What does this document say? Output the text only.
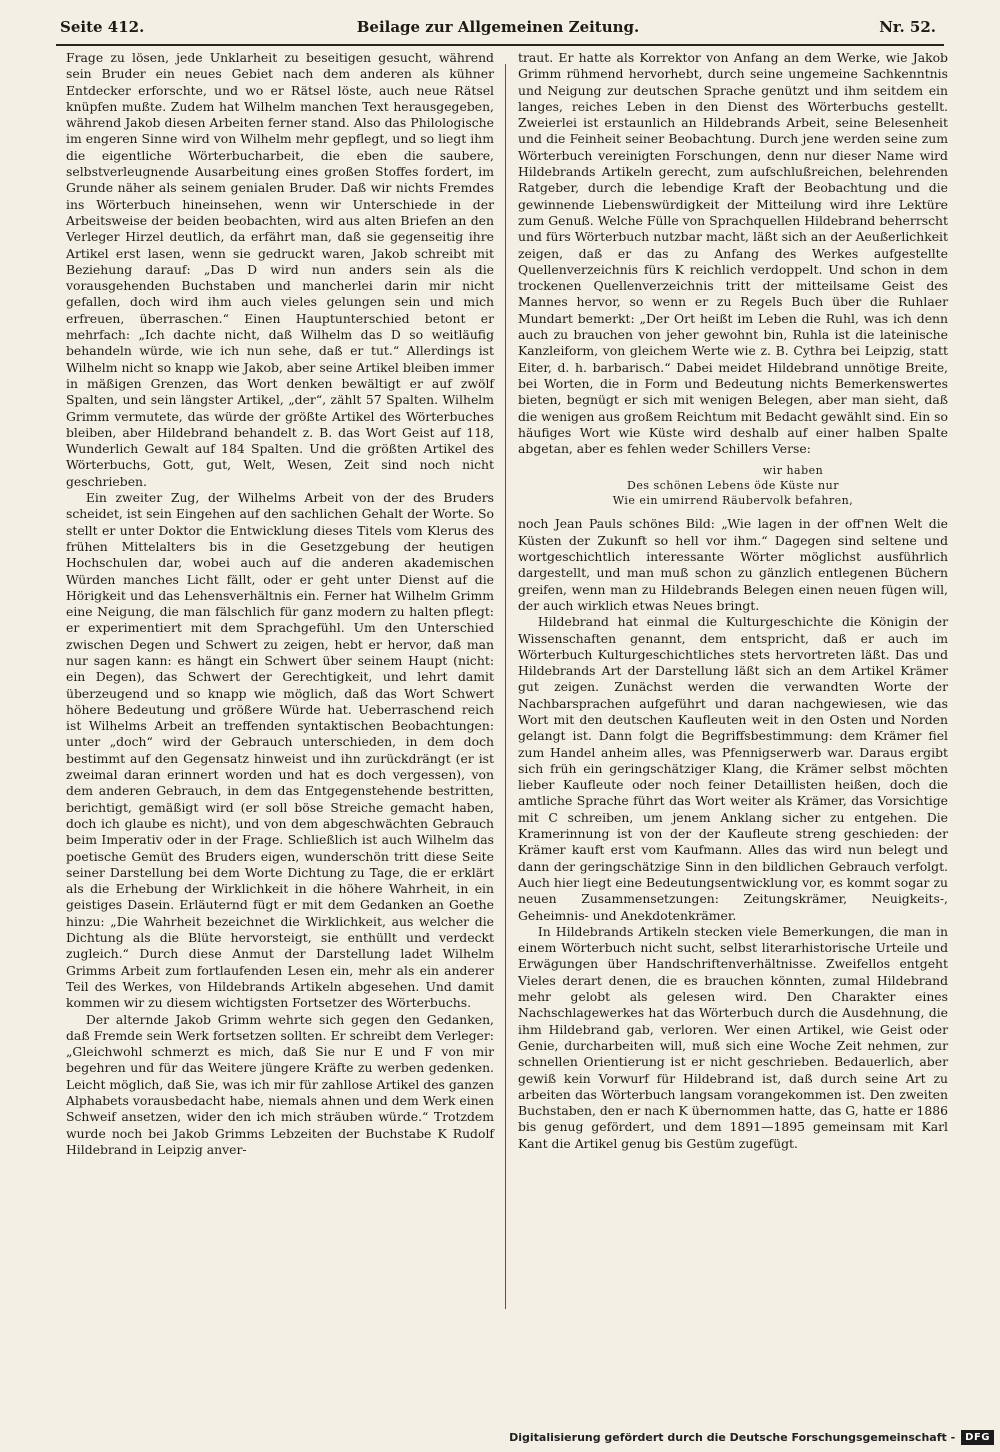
Seite 412.	Beilage zur Allgemeinen Zeitung.	Nr. 52.

Frage zu lösen, jede Unklarheit zu beseitigen gesucht, während sein Bruder ein neues Gebiet nach dem anderen als kühner Entdecker erforschte, und wo er Rätsel löste, auch neue Rätsel knüpfen mußte. Zudem hat Wilhelm manchen Text herausgegeben, während Jakob diesen Arbeiten ferner stand. Also das Philologische im engeren Sinne wird von Wilhelm mehr gepflegt, und so liegt ihm die eigentliche Wörterbucharbeit, die eben die saubere, selbstverleugnende Ausarbeitung eines großen Stoffes fordert, im Grunde näher als seinem genialen Bruder. Daß wir nichts Fremdes ins Wörterbuch hineinsehen, wenn wir Unterschiede in der Arbeitsweise der beiden beobachten, wird aus alten Briefen an den Verleger Hirzel deutlich, da erfährt man, daß sie gegenseitig ihre Artikel erst lasen, wenn sie gedruckt waren, Jakob schreibt mit Beziehung darauf: „Das D wird nun anders sein als die vorausgehenden Buchstaben und mancherlei darin mir nicht gefallen, doch wird ihm auch vieles gelungen sein und mich erfreuen, überraschen.“ Einen Hauptunterschied betont er mehrfach: „Ich dachte nicht, daß Wilhelm das D so weitläufig behandeln würde, wie ich nun sehe, daß er tut.“ Allerdings ist Wilhelm nicht so knapp wie Jakob, aber seine Artikel bleiben immer in mäßigen Grenzen, das Wort denken bewältigt er auf zwölf Spalten, und sein längster Artikel, „der“, zählt 57 Spalten. Wilhelm Grimm vermutete, das würde der größte Artikel des Wörterbuches bleiben, aber Hildebrand behandelt z. B. das Wort Geist auf 118, Wunderlich Gewalt auf 184 Spalten. Und die größten Artikel des Wörterbuchs, Gott, gut, Welt, Wesen, Zeit sind noch nicht geschrieben.

Ein zweiter Zug, der Wilhelms Arbeit von der des Bruders scheidet, ist sein Eingehen auf den sachlichen Gehalt der Worte. So stellt er unter Doktor die Entwicklung dieses Titels vom Klerus des frühen Mittelalters bis in die Gesetzgebung der heutigen Hochschulen dar, wobei auch auf die anderen akademischen Würden manches Licht fällt, oder er geht unter Dienst auf die Hörigkeit und das Lehensverhältnis ein. Ferner hat Wilhelm Grimm eine Neigung, die man fälschlich für ganz modern zu halten pflegt: er experimentiert mit dem Sprachgefühl. Um den Unterschied zwischen Degen und Schwert zu zeigen, hebt er hervor, daß man nur sagen kann: es hängt ein Schwert über seinem Haupt (nicht: ein Degen), das Schwert der Gerechtigkeit, und lehrt damit überzeugend und so knapp wie möglich, daß das Wort Schwert höhere Bedeutung und größere Würde hat. Ueberraschend reich ist Wilhelms Arbeit an treffenden syntaktischen Beobachtungen: unter „doch“ wird der Gebrauch unterschieden, in dem doch bestimmt auf den Gegensatz hinweist und ihn zurückdrängt (er ist zweimal daran erinnert worden und hat es doch vergessen), von dem anderen Gebrauch, in dem das Entgegenstehende bestritten, berichtigt, gemäßigt wird (er soll böse Streiche gemacht haben, doch ich glaube es nicht), und von dem abgeschwächten Gebrauch beim Imperativ oder in der Frage. Schließlich ist auch Wilhelm das poetische Gemüt des Bruders eigen, wunderschön tritt diese Seite seiner Darstellung bei dem Worte Dichtung zu Tage, die er erklärt als die Erhebung der Wirklichkeit in die höhere Wahrheit, in ein geistiges Dasein. Erläuternd fügt er mit dem Gedanken an Goethe hinzu: „Die Wahrheit bezeichnet die Wirklichkeit, aus welcher die Dichtung als die Blüte hervorsteigt, sie enthüllt und verdeckt zugleich.“ Durch diese Anmut der Darstellung ladet Wilhelm Grimms Arbeit zum fortlaufenden Lesen ein, mehr als ein anderer Teil des Werkes, von Hildebrands Artikeln abgesehen. Und damit kommen wir zu diesem wichtigsten Fortsetzer des Wörterbuchs.

Der alternde Jakob Grimm wehrte sich gegen den Gedanken, daß Fremde sein Werk fortsetzen sollten. Er schreibt dem Verleger: „Gleichwohl schmerzt es mich, daß Sie nur E und F von mir begehren und für das Weitere jüngere Kräfte zu werben gedenken. Leicht möglich, daß Sie, was ich mir für zahllose Artikel des ganzen Alphabets vorausbedacht habe, niemals ahnen und dem Werk einen Schweif ansetzen, wider den ich mich sträuben würde.“ Trotzdem wurde noch bei Jakob Grimms Lebzeiten der Buchstabe K Rudolf Hildebrand in Leipzig anver-

traut. Er hatte als Korrektor von Anfang an dem Werke, wie Jakob Grimm rühmend hervorhebt, durch seine ungemeine Sachkenntnis und Neigung zur deutschen Sprache genützt und ihm seitdem ein langes, reiches Leben in den Dienst des Wörterbuchs gestellt. Zweierlei ist erstaunlich an Hildebrands Arbeit, seine Belesenheit und die Feinheit seiner Beobachtung. Durch jene werden seine zum Wörterbuch vereinigten Forschungen, denn nur dieser Name wird Hildebrands Artikeln gerecht, zum aufschlußreichen, belehrenden Ratgeber, durch die lebendige Kraft der Beobachtung und die gewinnende Liebenswürdigkeit der Mitteilung wird ihre Lektüre zum Genuß. Welche Fülle von Sprachquellen Hildebrand beherrscht und fürs Wörterbuch nutzbar macht, läßt sich an der Aeußerlichkeit zeigen, daß er das zu Anfang des Werkes aufgestellte Quellenverzeichnis fürs K reichlich verdoppelt. Und schon in dem trockenen Quellenverzeichnis tritt der mitteilsame Geist des Mannes hervor, so wenn er zu Regels Buch über die Ruhlaer Mundart bemerkt: „Der Ort heißt im Leben die Ruhl, was ich denn auch zu brauchen von jeher gewohnt bin, Ruhla ist die lateinische Kanzleiform, von gleichem Werte wie z. B. Cythra bei Leipzig, statt Eiter, d. h. barbarisch.“ Dabei meidet Hildebrand unnötige Breite, bei Worten, die in Form und Bedeutung nichts Bemerkenswertes bieten, begnügt er sich mit wenigen Belegen, aber man sieht, daß die wenigen aus großem Reichtum mit Bedacht gewählt sind. Ein so häufiges Wort wie Küste wird deshalb auf einer halben Spalte abgetan, aber es fehlen weder Schillers Verse:

wir haben
Des schönen Lebens öde Küste nur
Wie ein umirrend Räubervolk befahren,

noch Jean Pauls schönes Bild: „Wie lagen in der off'nen Welt die Küsten der Zukunft so hell vor ihm.“ Dagegen sind seltene und wortgeschichtlich interessante Wörter möglichst ausführlich dargestellt, und man muß schon zu gänzlich entlegenen Büchern greifen, wenn man zu Hildebrands Belegen einen neuen fügen will, der auch wirklich etwas Neues bringt.

Hildebrand hat einmal die Kulturgeschichte die Königin der Wissenschaften genannt, dem entspricht, daß er auch im Wörterbuch Kulturgeschichtliches stets hervortreten läßt. Das und Hildebrands Art der Darstellung läßt sich an dem Artikel Krämer gut zeigen. Zunächst werden die verwandten Worte der Nachbarsprachen aufgeführt und daran nachgewiesen, wie das Wort mit den deutschen Kaufleuten weit in den Osten und Norden gelangt ist. Dann folgt die Begriffsbestimmung: dem Krämer fiel zum Handel anheim alles, was Pfennigserwerb war. Daraus ergibt sich früh ein geringschätziger Klang, die Krämer selbst möchten lieber Kaufleute oder noch feiner Detaillisten heißen, doch die amtliche Sprache führt das Wort weiter als Krämer, das Vorsichtige mit C schreiben, um jenem Anklang sicher zu entgehen. Die Kramerinnung ist von der der Kaufleute streng geschieden: der Krämer kauft erst vom Kaufmann. Alles das wird nun belegt und dann der geringschätzige Sinn in den bildlichen Gebrauch verfolgt. Auch hier liegt eine Bedeutungsentwicklung vor, es kommt sogar zu neuen Zusammensetzungen: Zeitungskrämer, Neuigkeits-, Geheimnis- und Anekdotenkrämer.

In Hildebrands Artikeln stecken viele Bemerkungen, die man in einem Wörterbuch nicht sucht, selbst literarhistorische Urteile und Erwägungen über Handschriftenverhältnisse. Zweifellos entgeht Vieles derart denen, die es brauchen könnten, zumal Hildebrand mehr gelobt als gelesen wird. Den Charakter eines Nachschlagewerkes hat das Wörterbuch durch die Ausdehnung, die ihm Hildebrand gab, verloren. Wer einen Artikel, wie Geist oder Genie, durcharbeiten will, muß sich eine Woche Zeit nehmen, zur schnellen Orientierung ist er nicht geschrieben. Bedauerlich, aber gewiß kein Vorwurf für Hildebrand ist, daß durch seine Art zu arbeiten das Wörterbuch langsam vorangekommen ist. Den zweiten Buchstaben, den er nach K übernommen hatte, das G, hatte er 1886 bis genug gefördert, und dem 1891—1895 gemeinsam mit Karl Kant die Artikel genug bis Gestüm zugefügt.

Digitalisierung gefördert durch die Deutsche Forschungsgemeinschaft -	DFG
